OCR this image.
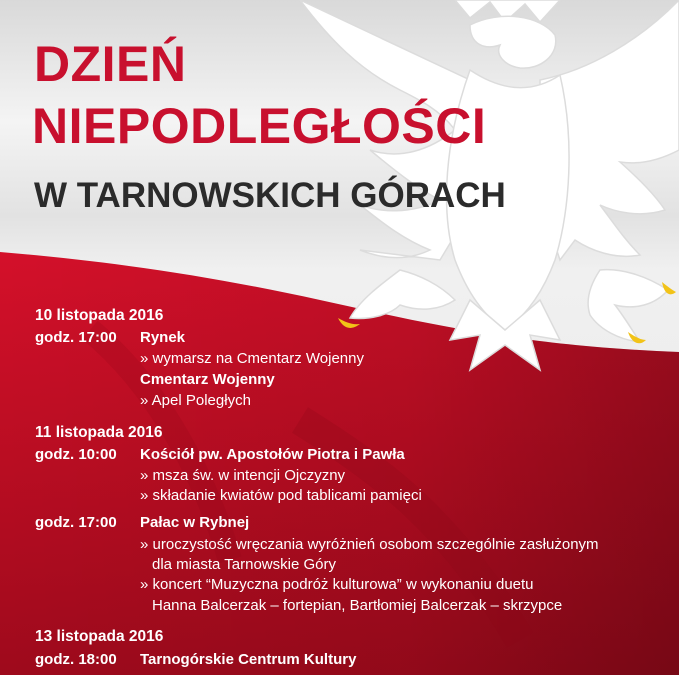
DZIEŃ
NIEPODLEGŁOŚCI
W TARNOWSKICH GÓRACH
10 listopada 2016
godz. 17:00 Rynek
» wymarsz na Cmentarz Wojenny
Cmentarz Wojenny
» Apel Poległych
11 listopada 2016
godz. 10:00 Kościół pw. Apostołów Piotra i Pawła
» msza św. w intencji Ojczyzny
» składanie kwiatów pod tablicami pamięci
godz. 17:00 Pałac w Rybnej
» uroczystość wręczania wyróżnień osobom szczególnie zasłużonym
dla miasta Tarnowskie Góry
» koncert “Muzyczna podróż kulturowa” w wykonaniu duetu
Hanna Balcerzak – fortepian, Bartłomiej Balcerzak – skrzypce
13 listopada 2016
godz. 18:00 Tarnogórskie Centrum Kultury
